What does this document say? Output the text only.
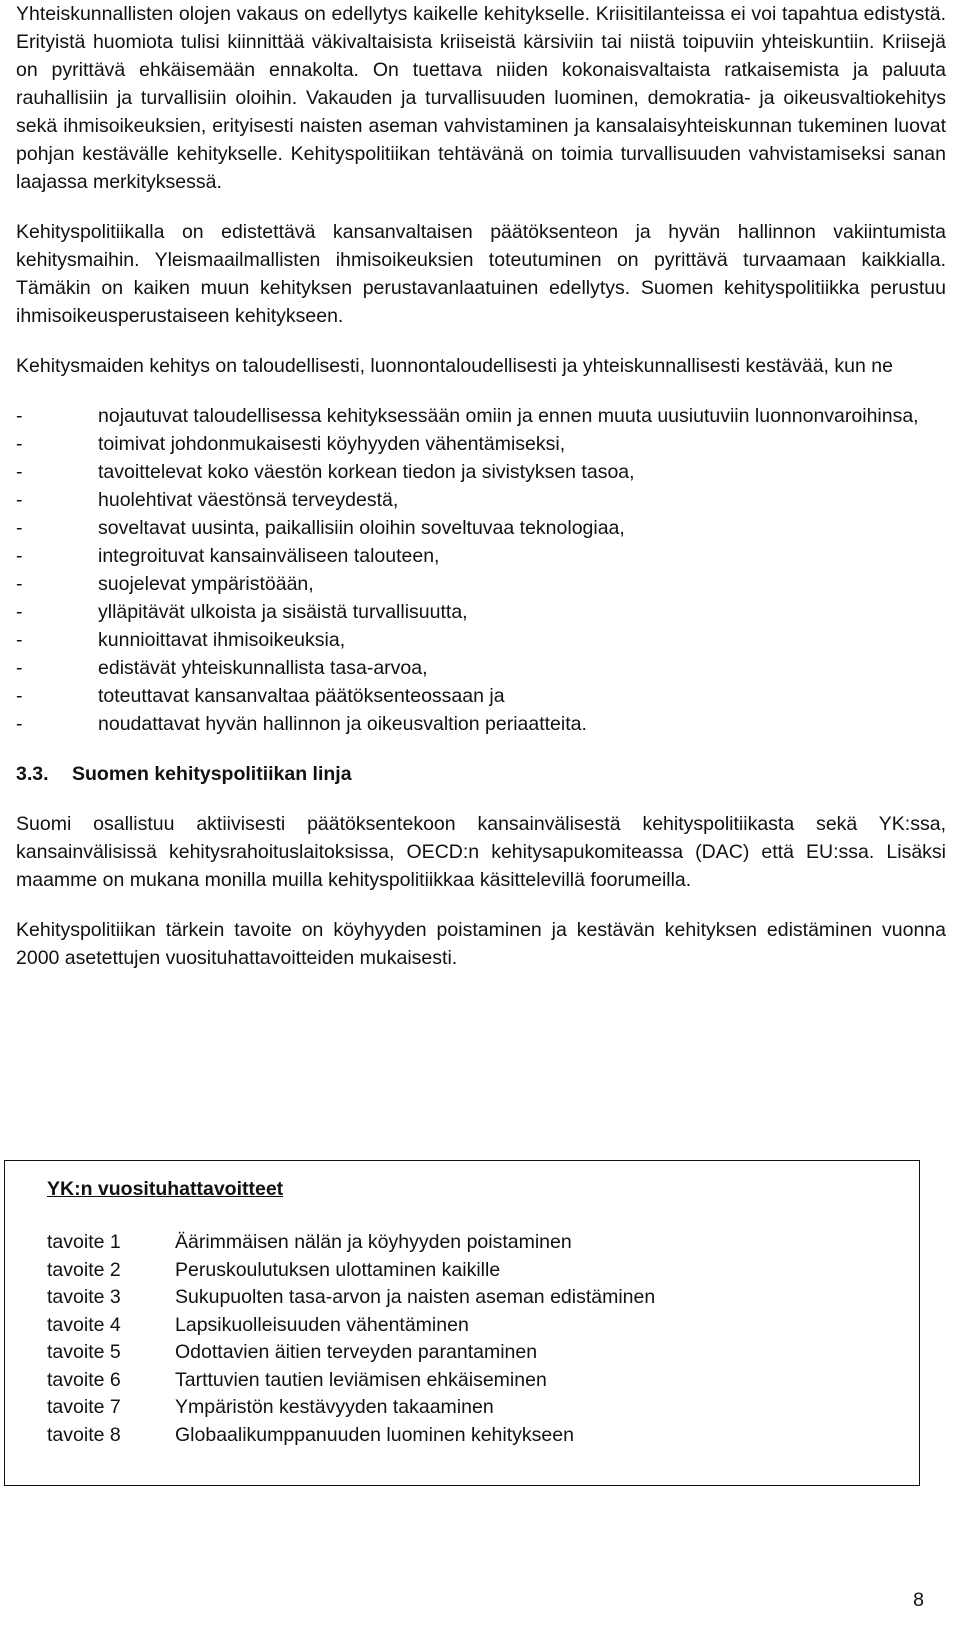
Yhteiskunnallisten olojen vakaus on edellytys kaikelle kehitykselle. Kriisitilanteissa ei voi tapahtua edistystä. Erityistä huomiota tulisi kiinnittää väkivaltaisista kriiseistä kärsiviin tai niistä toipuviin yhteiskuntiin. Kriisejä on pyrittävä ehkäisemään ennakolta. On tuettava niiden kokonaisvaltaista ratkaisemista ja paluuta rauhallisiin ja turvallisiin oloihin. Vakauden ja turvallisuuden luominen, demokratia- ja oikeusvaltiokehitys sekä ihmisoikeuksien, erityisesti naisten aseman vahvistaminen ja kansalaisyhteiskunnan tukeminen luovat pohjan kestävälle kehitykselle. Kehityspolitiikan tehtävänä on toimia turvallisuuden vahvistamiseksi sanan laajassa merkityksessä.

Kehityspolitiikalla on edistettävä kansanvaltaisen päätöksenteon ja hyvän hallinnon vakiintumista kehitysmaihin. Yleismaailmallisten ihmisoikeuksien toteutuminen on pyrittävä turvaamaan kaikkialla. Tämäkin on kaiken muun kehityksen perustavanlaatuinen edellytys. Suomen kehityspolitiikka perustuu ihmisoikeusperustaiseen kehitykseen.

Kehitysmaiden kehitys on taloudellisesti, luonnontaloudellisesti ja yhteiskunnallisesti kestävää, kun ne

-	nojautuvat taloudellisessa kehityksessään omiin ja ennen muuta uusiutuviin luonnonvaroihinsa,
-	toimivat johdonmukaisesti köyhyyden vähentämiseksi,
-	tavoittelevat koko väestön korkean tiedon ja sivistyksen tasoa,
-	huolehtivat väestönsä terveydestä,
-	soveltavat uusinta, paikallisiin oloihin soveltuvaa teknologiaa,
-	integroituvat kansainväliseen talouteen,
-	suojelevat ympäristöään,
-	ylläpitävät ulkoista ja sisäistä turvallisuutta,
-	kunnioittavat ihmisoikeuksia,
-	edistävät yhteiskunnallista tasa-arvoa,
-	toteuttavat kansanvaltaa päätöksenteossaan ja
-	noudattavat hyvän hallinnon ja oikeusvaltion periaatteita.
3.3. Suomen kehityspolitiikan linja

Suomi osallistuu aktiivisesti päätöksentekoon kansainvälisestä kehityspolitiikasta sekä YK:ssa, kansainvälisissä kehitysrahoituslaitoksissa, OECD:n kehitysapukomiteassa (DAC) että EU:ssa. Lisäksi maamme on mukana monilla muilla kehityspolitiikkaa käsittelevillä foorumeilla.

Kehityspolitiikan tärkein tavoite on köyhyyden poistaminen ja kestävän kehityksen edistäminen vuonna 2000 asetettujen vuosituhattavoitteiden mukaisesti.

YK:n vuosituhattavoitteet
tavoite 1	Äärimmäisen nälän ja köyhyyden poistaminen
tavoite 2	Peruskoulutuksen ulottaminen kaikille
tavoite 3	Sukupuolten tasa-arvon ja naisten aseman edistäminen
tavoite 4	Lapsikuolleisuuden vähentäminen
tavoite 5	Odottavien äitien terveyden parantaminen
tavoite 6	Tarttuvien tautien leviämisen ehkäiseminen
tavoite 7	Ympäristön kestävyyden takaaminen
tavoite 8	Globaalikumppanuuden luominen kehitykseen
8
